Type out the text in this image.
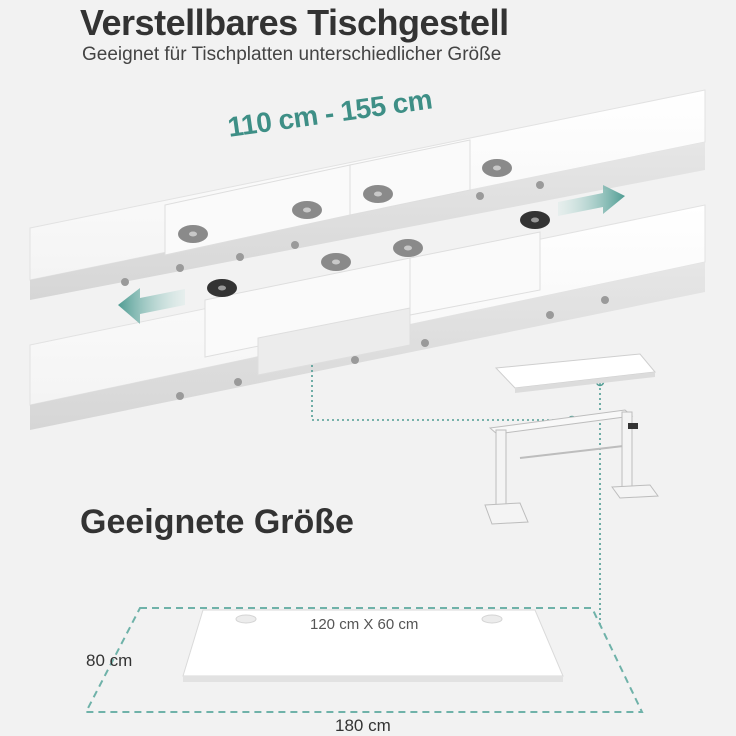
Verstellbares Tischgestell
Geeignet für Tischplatten unterschiedlicher Größe
110 cm - 155 cm
Geeignete Größe
120 cm X 60 cm
80 cm
180 cm
